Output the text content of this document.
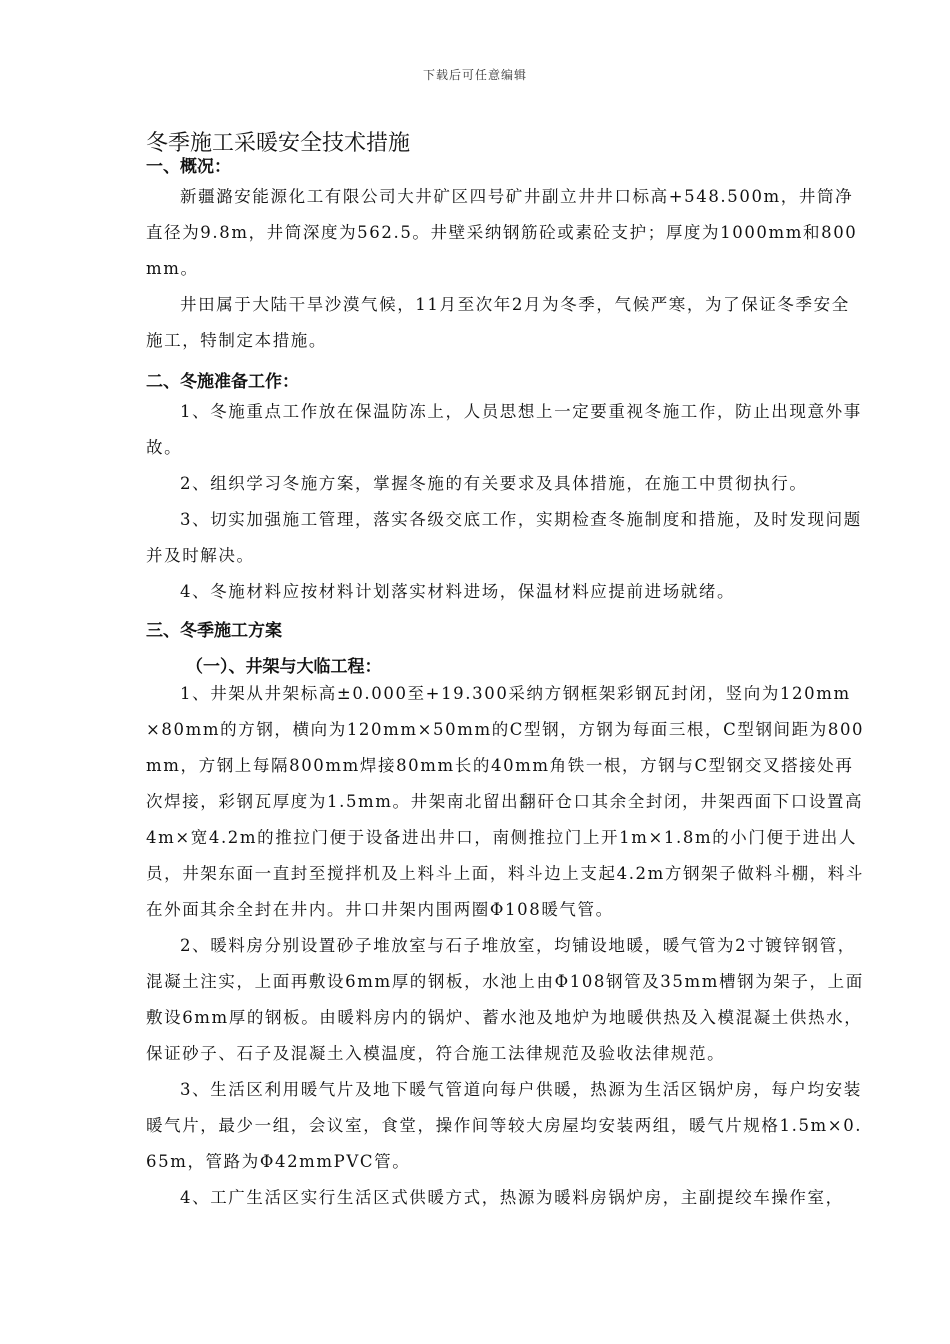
下载后可任意编辑
冬季施工采暖安全技术措施
一、概况：

新疆潞安能源化工有限公司大井矿区四号矿井副立井井口标高+548.500m，井筒净直径为9.8m，井筒深度为562.5。井壁采纳钢筋砼或素砼支护；厚度为1000mm和800mm。

井田属于大陆干旱沙漠气候，11月至次年2月为冬季，气候严寒，为了保证冬季安全施工，特制定本措施。

二、冬施准备工作：

1、冬施重点工作放在保温防冻上，人员思想上一定要重视冬施工作，防止出现意外事故。

2、组织学习冬施方案，掌握冬施的有关要求及具体措施，在施工中贯彻执行。

3、切实加强施工管理，落实各级交底工作，实期检查冬施制度和措施，及时发现问题并及时解决。

4、冬施材料应按材料计划落实材料进场，保温材料应提前进场就绪。

三、冬季施工方案
（一）、井架与大临工程：

1、井架从井架标高±0.000至+19.300采纳方钢框架彩钢瓦封闭，竖向为120mm×80mm的方钢，横向为120mm×50mm的C型钢，方钢为每面三根，C型钢间距为800mm，方钢上每隔800mm焊接80mm长的40mm角铁一根，方钢与C型钢交叉搭接处再次焊接，彩钢瓦厚度为1.5mm。井架南北留出翻矸仓口其余全封闭，井架西面下口设置高4m×宽4.2m的推拉门便于设备进出井口，南侧推拉门上开1m×1.8m的小门便于进出人员，井架东面一直封至搅拌机及上料斗上面，料斗边上支起4.2m方钢架子做料斗棚，料斗在外面其余全封在井内。井口井架内围两圈Φ108暖气管。

2、暖料房分别设置砂子堆放室与石子堆放室，均铺设地暖，暖气管为2寸镀锌钢管，混凝土注实，上面再敷设6mm厚的钢板，水池上由Φ108钢管及35mm槽钢为架子，上面敷设6mm厚的钢板。由暖料房内的锅炉、蓄水池及地炉为地暖供热及入模混凝土供热水，保证砂子、石子及混凝土入模温度，符合施工法律规范及验收法律规范。

3、生活区利用暖气片及地下暖气管道向每户供暖，热源为生活区锅炉房，每户均安装暖气片，最少一组，会议室，食堂，操作间等较大房屋均安装两组，暖气片规格1.5m×0.65m，管路为Φ42mmPVC管。

4、工广生活区实行生活区式供暖方式，热源为暖料房锅炉房，主副提绞车操作室，
